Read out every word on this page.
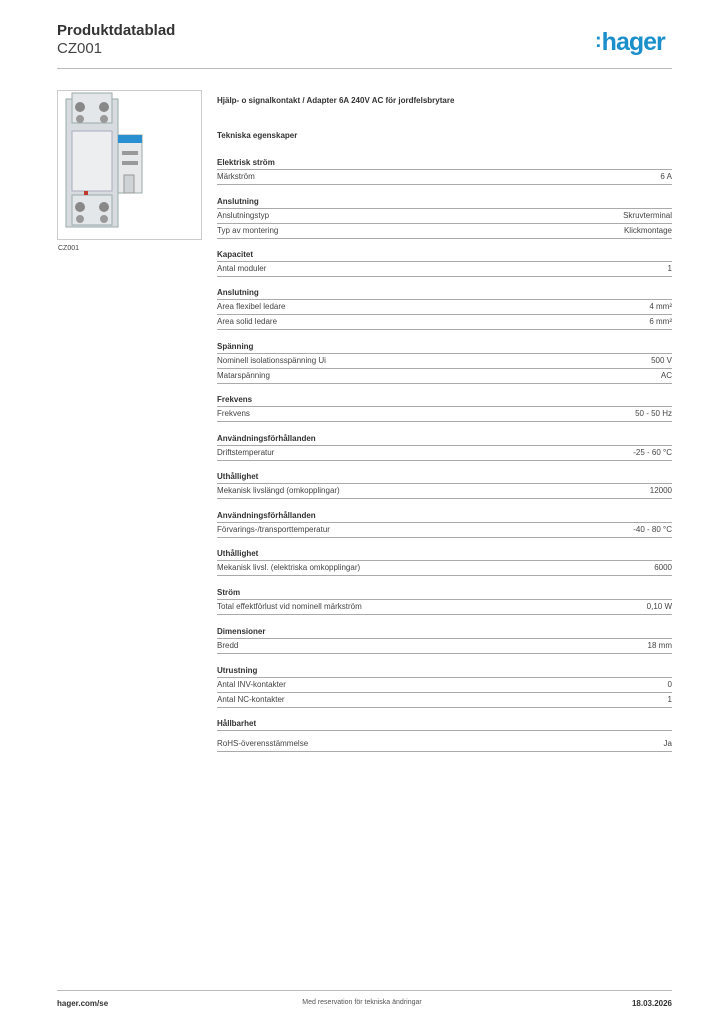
Produktdatablad
CZ001	:hager
CZ001
Hjälp- o signalkontakt / Adapter 6A 240V AC för jordfelsbrytare
Tekniska egenskaper
Elektrisk ström
Märkström	6 A
Anslutning
Anslutningstyp	Skruvterminal
Typ av montering	Klickmontage
Kapacitet
Antal moduler	1
Anslutning
Area flexibel ledare	4 mm²
Area solid ledare	6 mm²
Spänning
Nominell isolationsspänning Ui	500 V
Matarspänning	AC
Frekvens
Frekvens	50 - 50 Hz
Användningsförhållanden
Driftstemperatur	-25 - 60 °C
Uthållighet
Mekanisk livslängd (omkopplingar)	12000
Användningsförhållanden
Förvarings-/transporttemperatur	-40 - 80 °C
Uthållighet
Mekanisk livsl. (elektriska omkopplingar)	6000
Ström
Total effektförlust vid nominell märkström	0,10 W
Dimensioner
Bredd	18 mm
Utrustning
Antal INV-kontakter	0
Antal NC-kontakter	1
Hållbarhet
RoHS-överensstämmelse	Ja
hager.com/se	Med reservation för tekniska ändringar	18.03.2026
